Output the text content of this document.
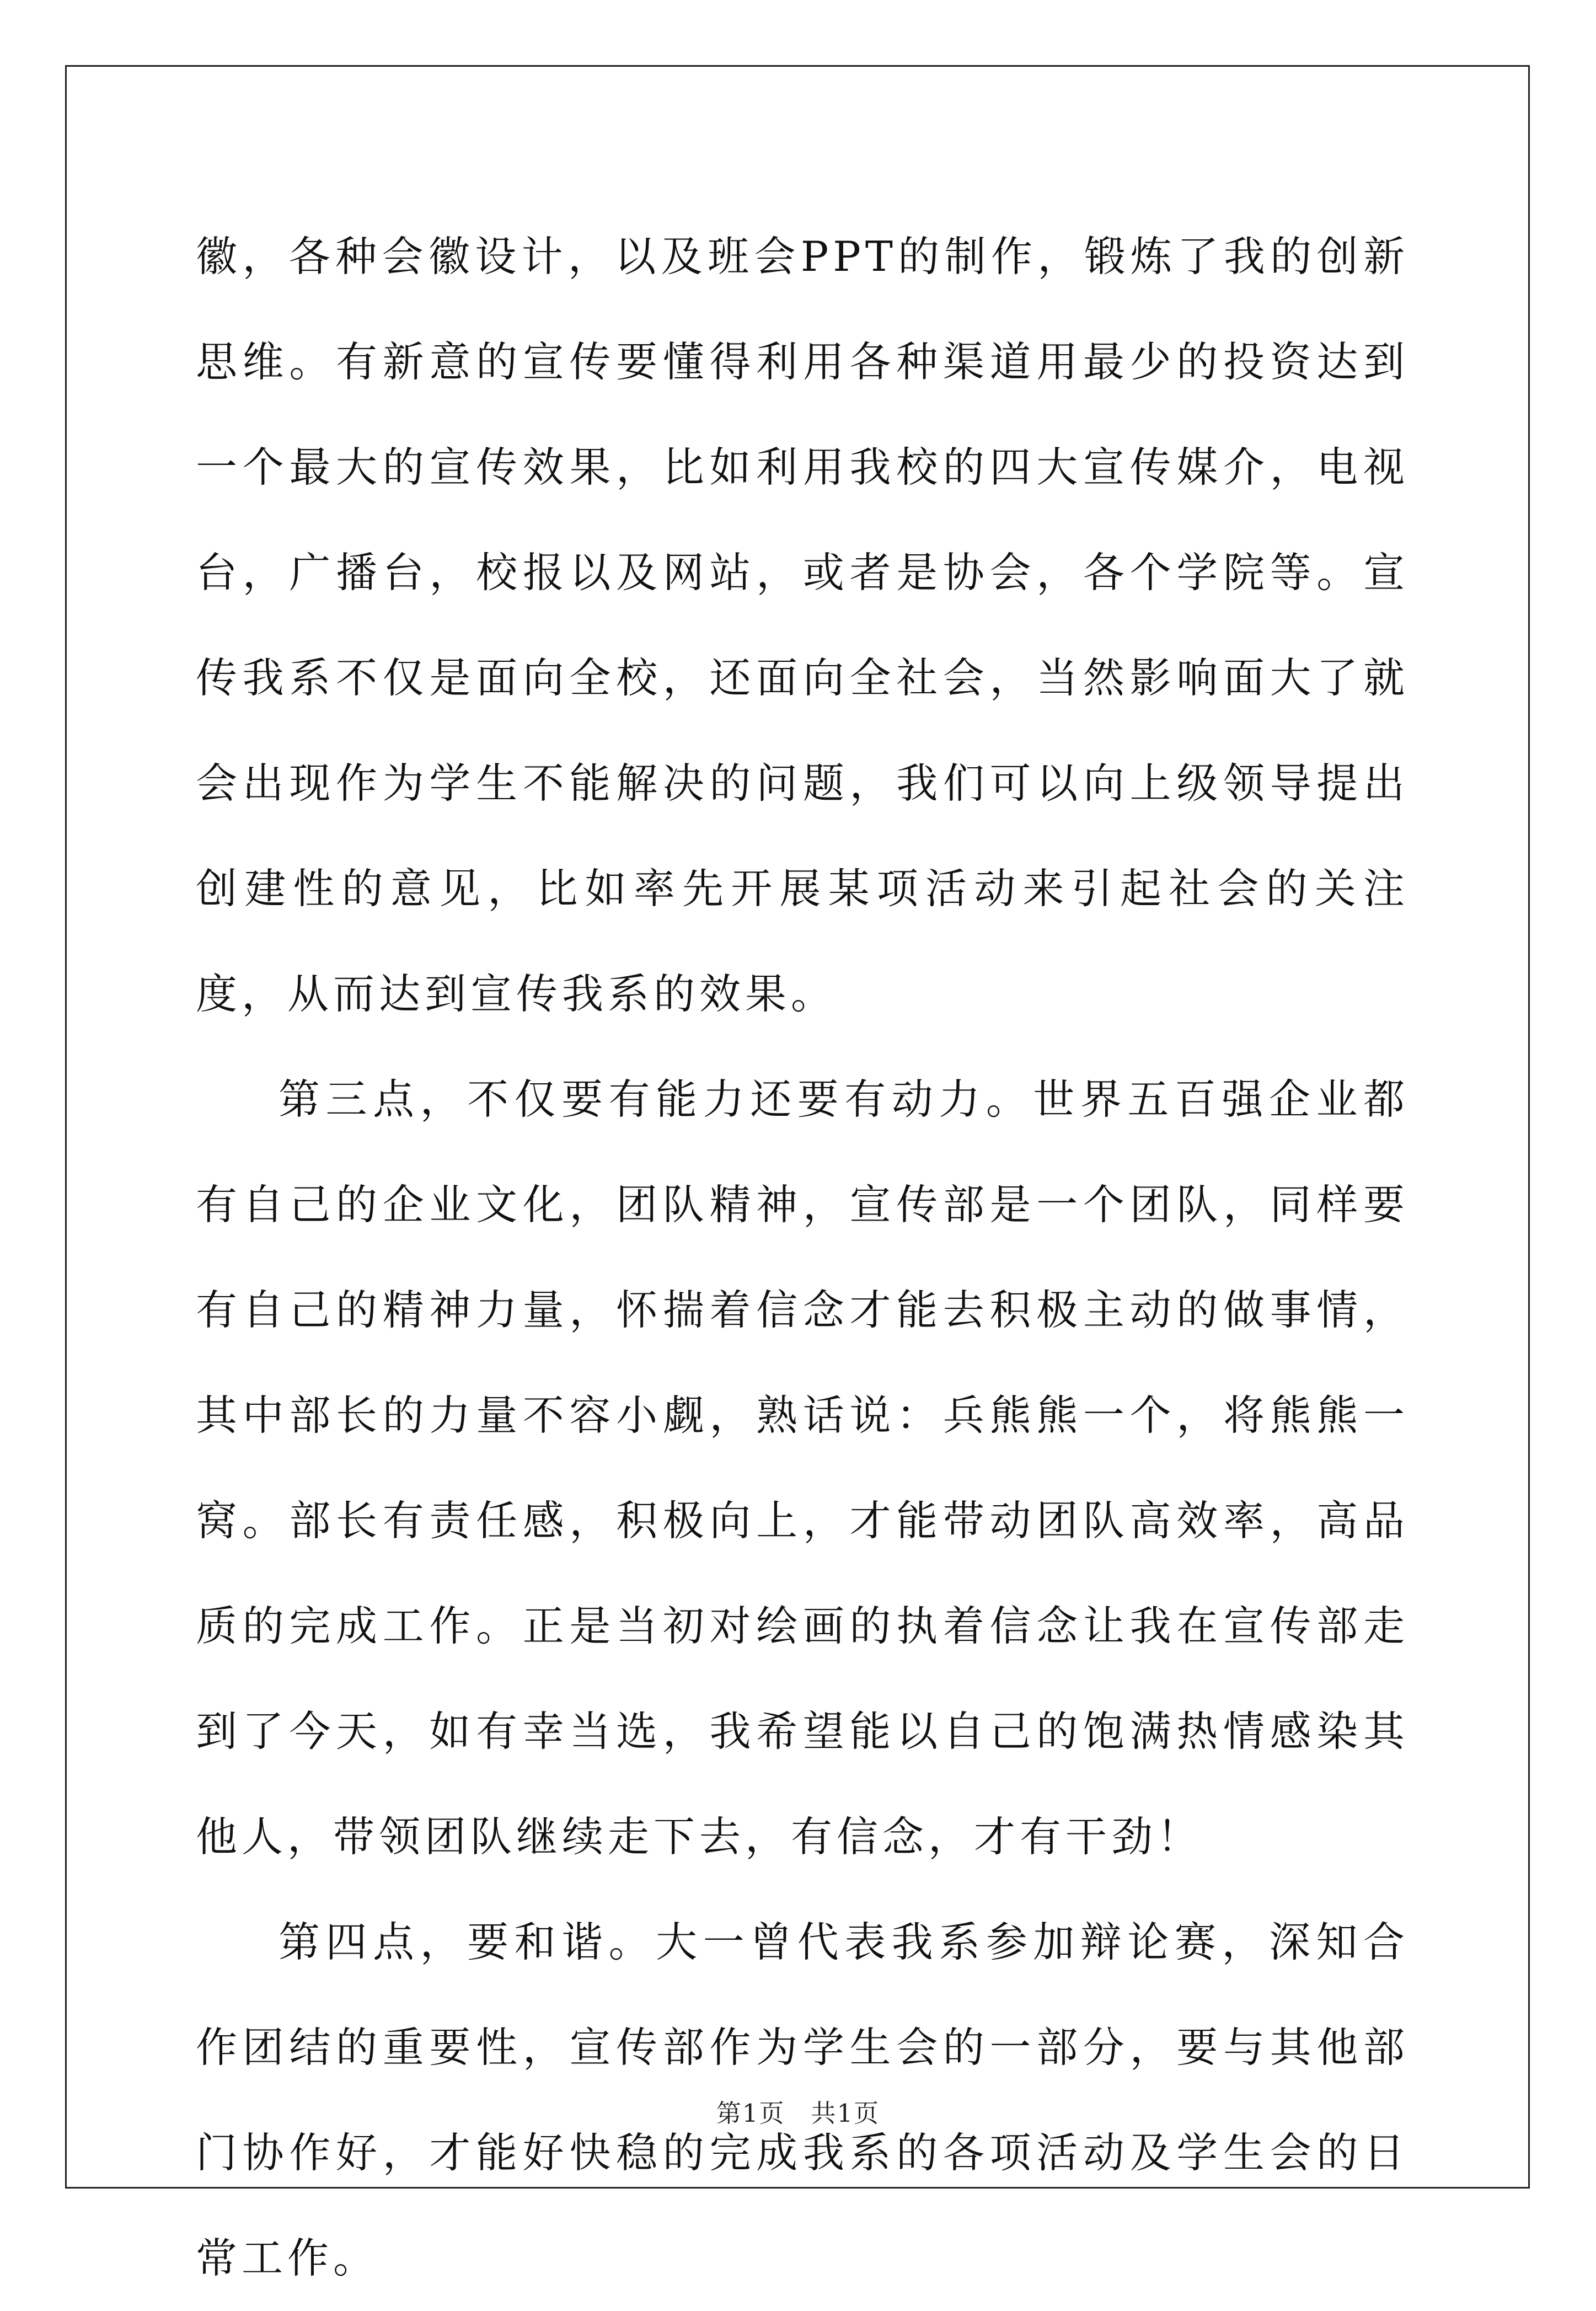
徽，各种会徽设计，以及班会PPT的制作，锻炼了我的创新思维。有新意的宣传要懂得利用各种渠道用最少的投资达到一个最大的宣传效果，比如利用我校的四大宣传媒介，电视台，广播台，校报以及网站，或者是协会，各个学院等。宣传我系不仅是面向全校，还面向全社会，当然影响面大了就会出现作为学生不能解决的问题，我们可以向上级领导提出创建性的意见，比如率先开展某项活动来引起社会的关注度，从而达到宣传我系的效果。

第三点，不仅要有能力还要有动力。世界五百强企业都有自己的企业文化，团队精神，宣传部是一个团队，同样要有自己的精神力量，怀揣着信念才能去积极主动的做事情，其中部长的力量不容小觑，熟话说：兵熊熊一个，将熊熊一窝。部长有责任感，积极向上，才能带动团队高效率，高品质的完成工作。正是当初对绘画的执着信念让我在宣传部走到了今天，如有幸当选，我希望能以自己的饱满热情感染其他人，带领团队继续走下去，有信念，才有干劲！

第四点，要和谐。大一曾代表我系参加辩论赛，深知合作团结的重要性，宣传部作为学生会的一部分，要与其他部门协作好，才能好快稳的完成我系的各项活动及学生会的日常工作。

第1页　共1页
